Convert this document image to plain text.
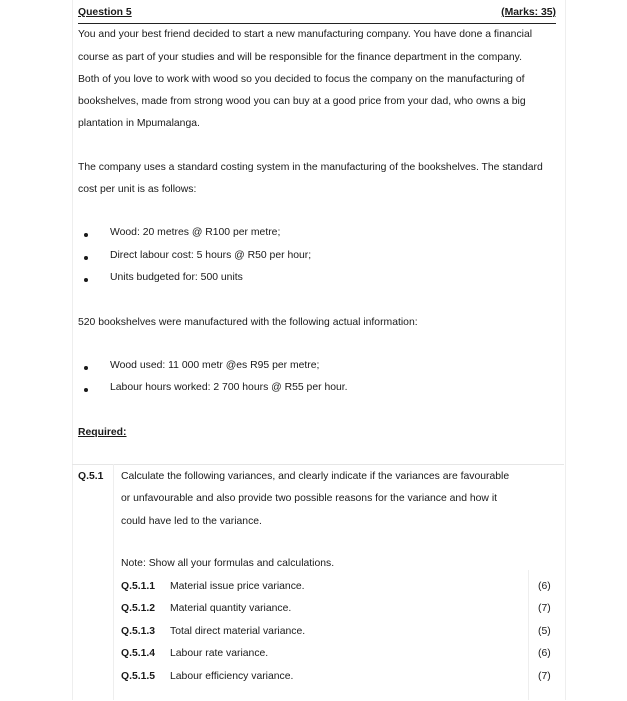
Question 5	(Marks: 35)
You and your best friend decided to start a new manufacturing company. You have done a financial
course as part of your studies and will be responsible for the finance department in the company.
Both of you love to work with wood so you decided to focus the company on the manufacturing of
bookshelves, made from strong wood you can buy at a good price from your dad, who owns a big
plantation in Mpumalanga.
The company uses a standard costing system in the manufacturing of the bookshelves. The standard
cost per unit is as follows:
Wood: 20 metres @ R100 per metre;
Direct labour cost: 5 hours @ R50 per hour;
Units budgeted for: 500 units
520 bookshelves were manufactured with the following actual information:
Wood used: 11 000 metr @es R95 per metre;
Labour hours worked: 2 700 hours @ R55 per hour.
Required:
Q.5.1 Calculate the following variances, and clearly indicate if the variances are favourable
or unfavourable and also provide two possible reasons for the variance and how it
could have led to the variance.
Note: Show all your formulas and calculations.
Q.5.1.1 Material issue price variance.	(6)
Q.5.1.2 Material quantity variance.	(7)
Q.5.1.3 Total direct material variance.	(5)
Q.5.1.4 Labour rate variance.	(6)
Q.5.1.5 Labour efficiency variance.	(7)
